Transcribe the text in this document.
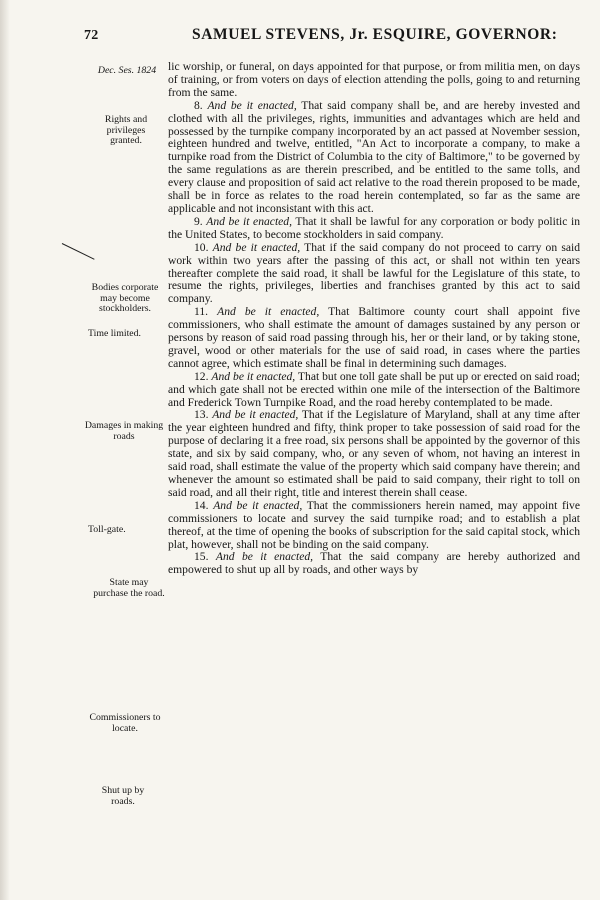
72	SAMUEL STEVENS, Jr. ESQUIRE, GOVERNOR:
Dec. Ses. 1824
Rights and privileges granted.
Bodies corporate may become stockholders.
Time limited.
Damages in making roads
Toll-gate.
State may purchase the road.
Commissioners to locate.
Shut up by roads.

lic worship, or funeral, on days appointed for that purpose, or from militia men, on days of training, or from voters on days of election attending the polls, going to and returning from the same.

8. And be it enacted, That said company shall be, and are hereby invested and clothed with all the privileges, rights, immunities and advantages which are held and possessed by the turnpike company incorporated by an act passed at November session, eighteen hundred and twelve, entitled, "An Act to incorporate a company, to make a turnpike road from the District of Columbia to the city of Baltimore," to be governed by the same regulations as are therein prescribed, and be entitled to the same tolls, and every clause and proposition of said act relative to the road therein proposed to be made, shall be in force as relates to the road herein contemplated, so far as the same are applicable and not inconsistant with this act.

9. And be it enacted, That it shall be lawful for any corporation or body politic in the United States, to become stockholders in said company.

10. And be it enacted, That if the said company do not proceed to carry on said work within two years after the passing of this act, or shall not within ten years thereafter complete the said road, it shall be lawful for the Legislature of this state, to resume the rights, privileges, liberties and franchises granted by this act to said company.

11. And be it enacted, That Baltimore county court shall appoint five commissioners, who shall estimate the amount of damages sustained by any person or persons by reason of said road passing through his, her or their land, or by taking stone, gravel, wood or other materials for the use of said road, in cases where the parties cannot agree, which estimate shall be final in determining such damages.

12. And be it enacted, That but one toll gate shall be put up or erected on said road; and which gate shall not be erected within one mile of the intersection of the Baltimore and Frederick Town Turnpike Road, and the road hereby contemplated to be made.

13. And be it enacted, That if the Legislature of Maryland, shall at any time after the year eighteen hundred and fifty, think proper to take possession of said road for the purpose of declaring it a free road, six persons shall be appointed by the governor of this state, and six by said company, who, or any seven of whom, not having an interest in said road, shall estimate the value of the property which said company have therein; and whenever the amount so estimated shall be paid to said company, their right to toll on said road, and all their right, title and interest therein shall cease.

14. And be it enacted, That the commissioners herein named, may appoint five commissioners to locate and survey the said turnpike road; and to establish a plat thereof, at the time of opening the books of subscription for the said capital stock, which plat, however, shall not be binding on the said company.

15. And be it enacted, That the said company are hereby authorized and empowered to shut up all by roads, and other ways by
